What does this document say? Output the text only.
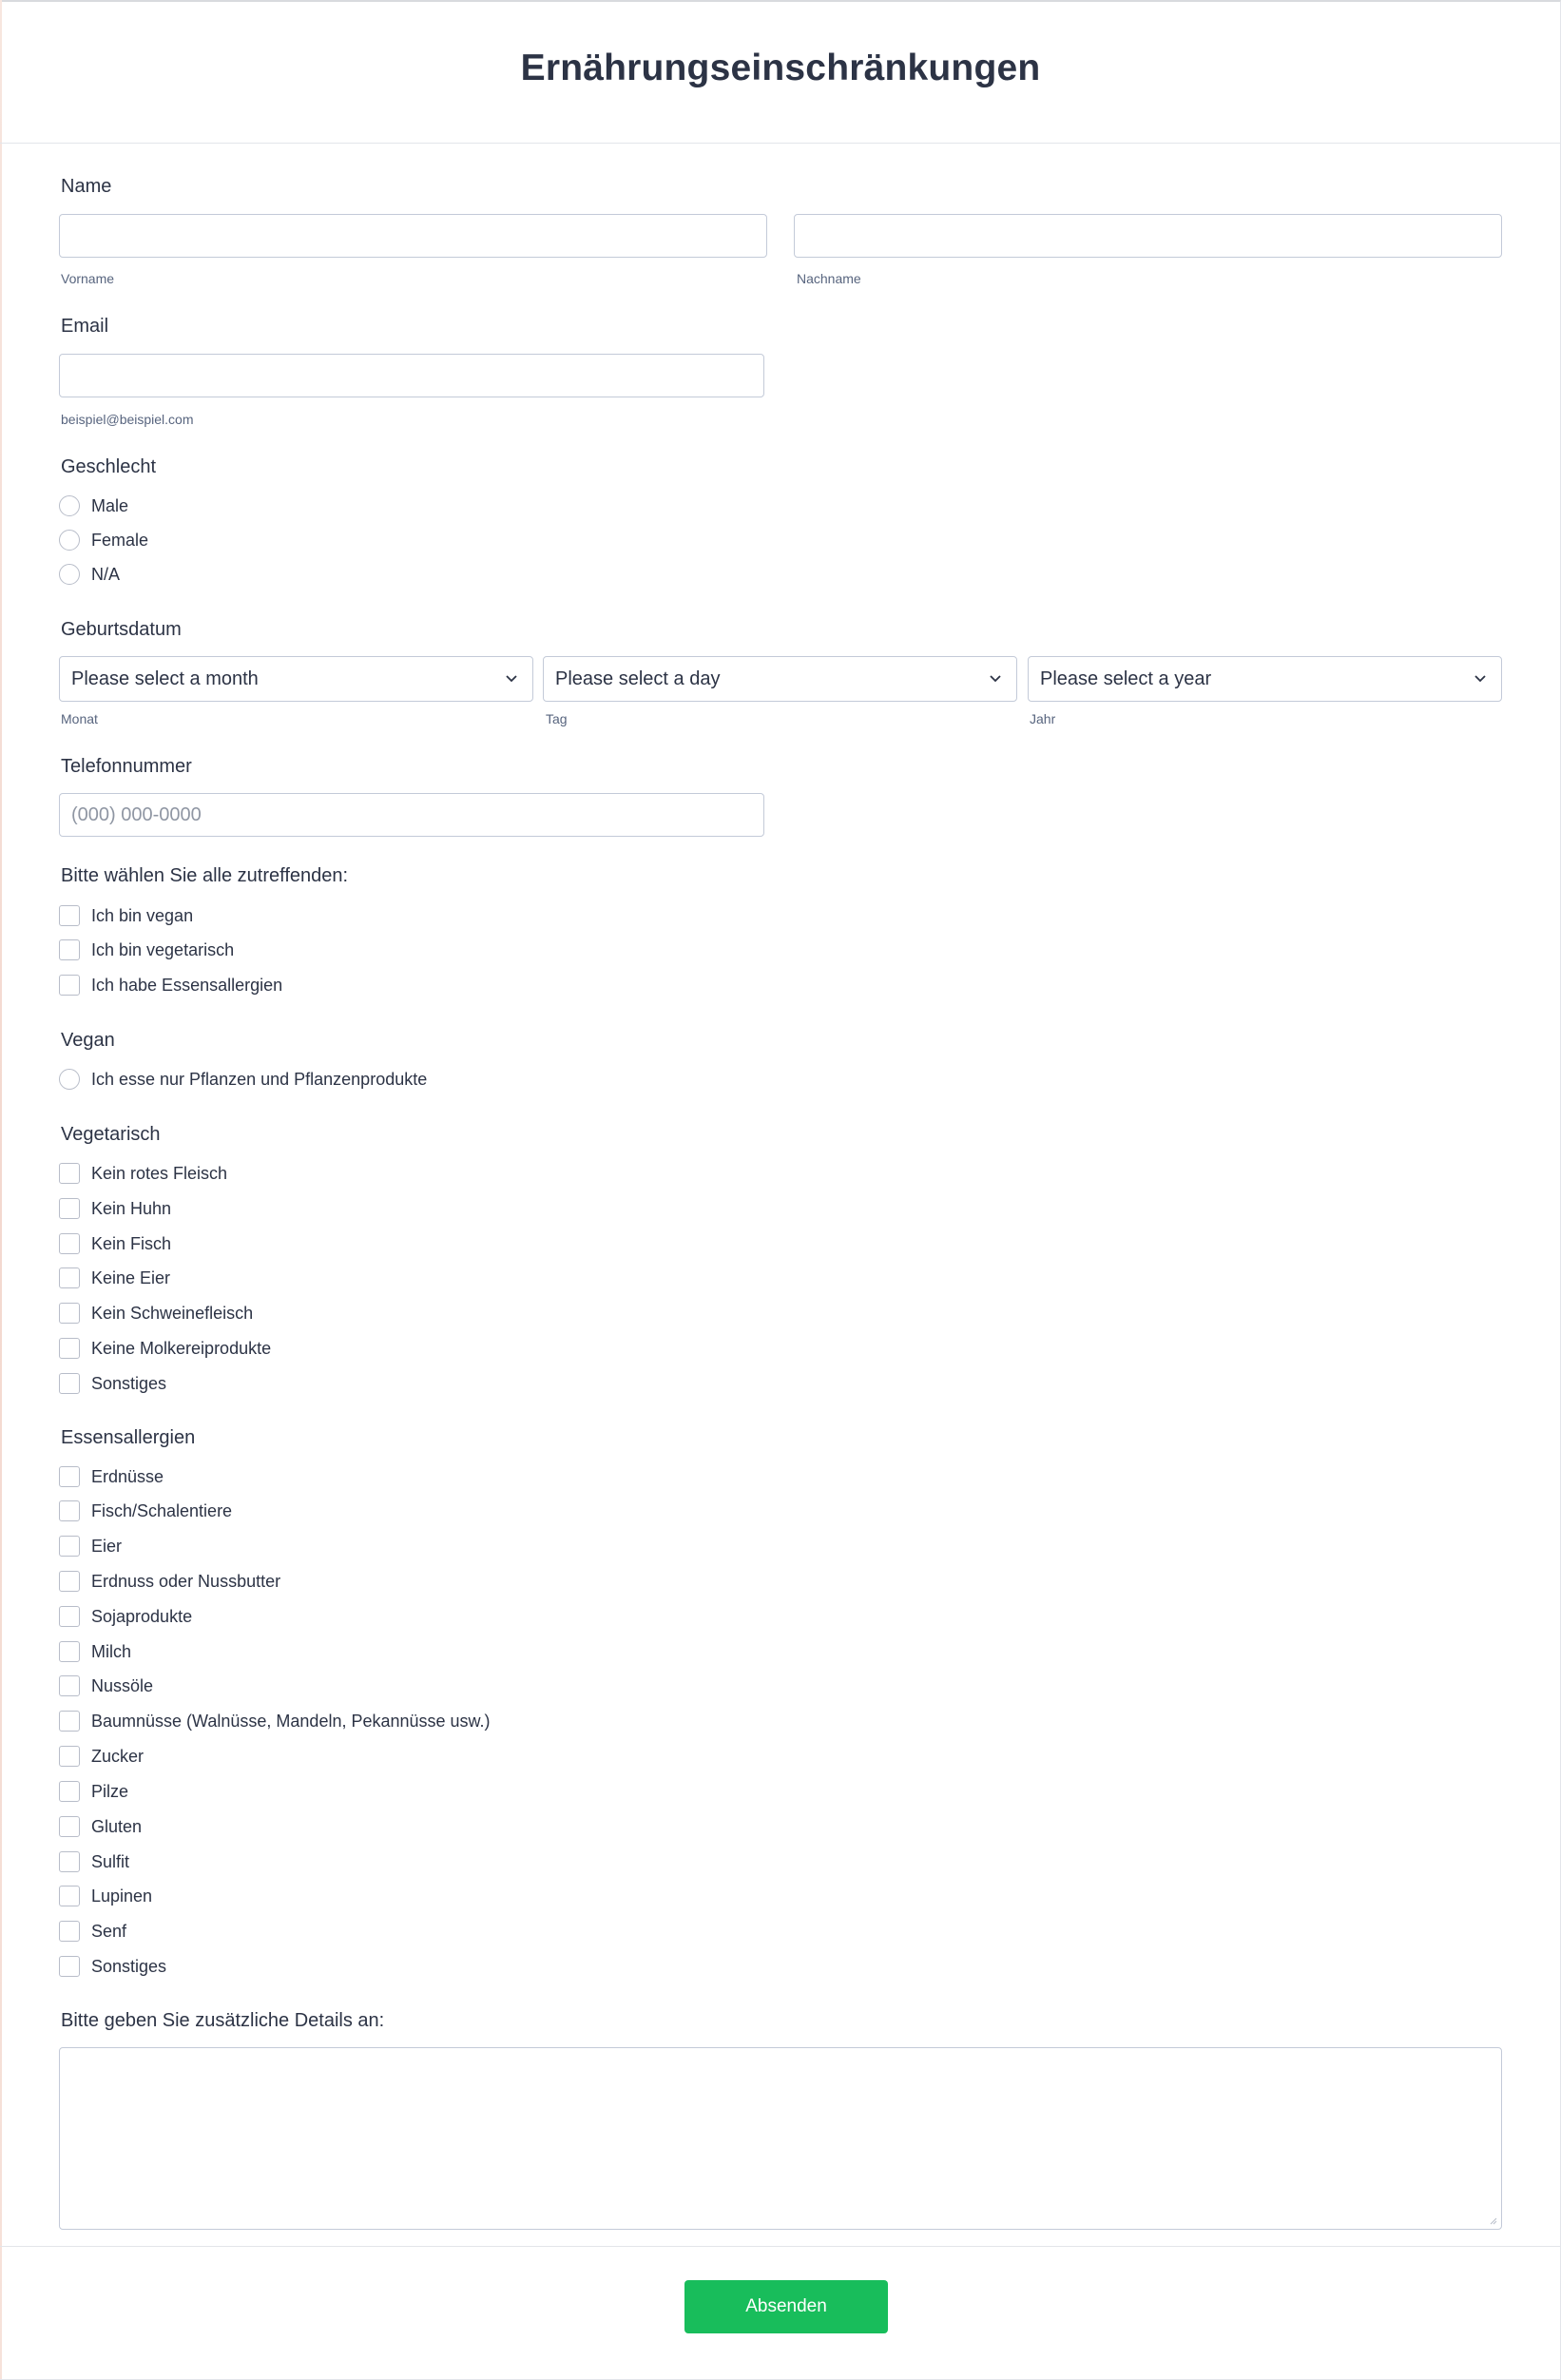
Ernährungseinschränkungen
Name
Vorname	Nachname
Email
beispiel@beispiel.com
Geschlecht
Male
Female
N/A
Geburtsdatum
Please select a month	Please select a day	Please select a year
Monat	Tag	Jahr
Telefonnummer
(000) 000-0000
Bitte wählen Sie alle zutreffenden:
Ich bin vegan
Ich bin vegetarisch
Ich habe Essensallergien
Vegan
Ich esse nur Pflanzen und Pflanzenprodukte
Vegetarisch
Kein rotes Fleisch
Kein Huhn
Kein Fisch
Keine Eier
Kein Schweinefleisch
Keine Molkereiprodukte
Sonstiges
Essensallergien
Erdnüsse
Fisch/Schalentiere
Eier
Erdnuss oder Nussbutter
Sojaprodukte
Milch
Nussöle
Baumnüsse (Walnüsse, Mandeln, Pekannüsse usw.)
Zucker
Pilze
Gluten
Sulfit
Lupinen
Senf
Sonstiges
Bitte geben Sie zusätzliche Details an:
Absenden
